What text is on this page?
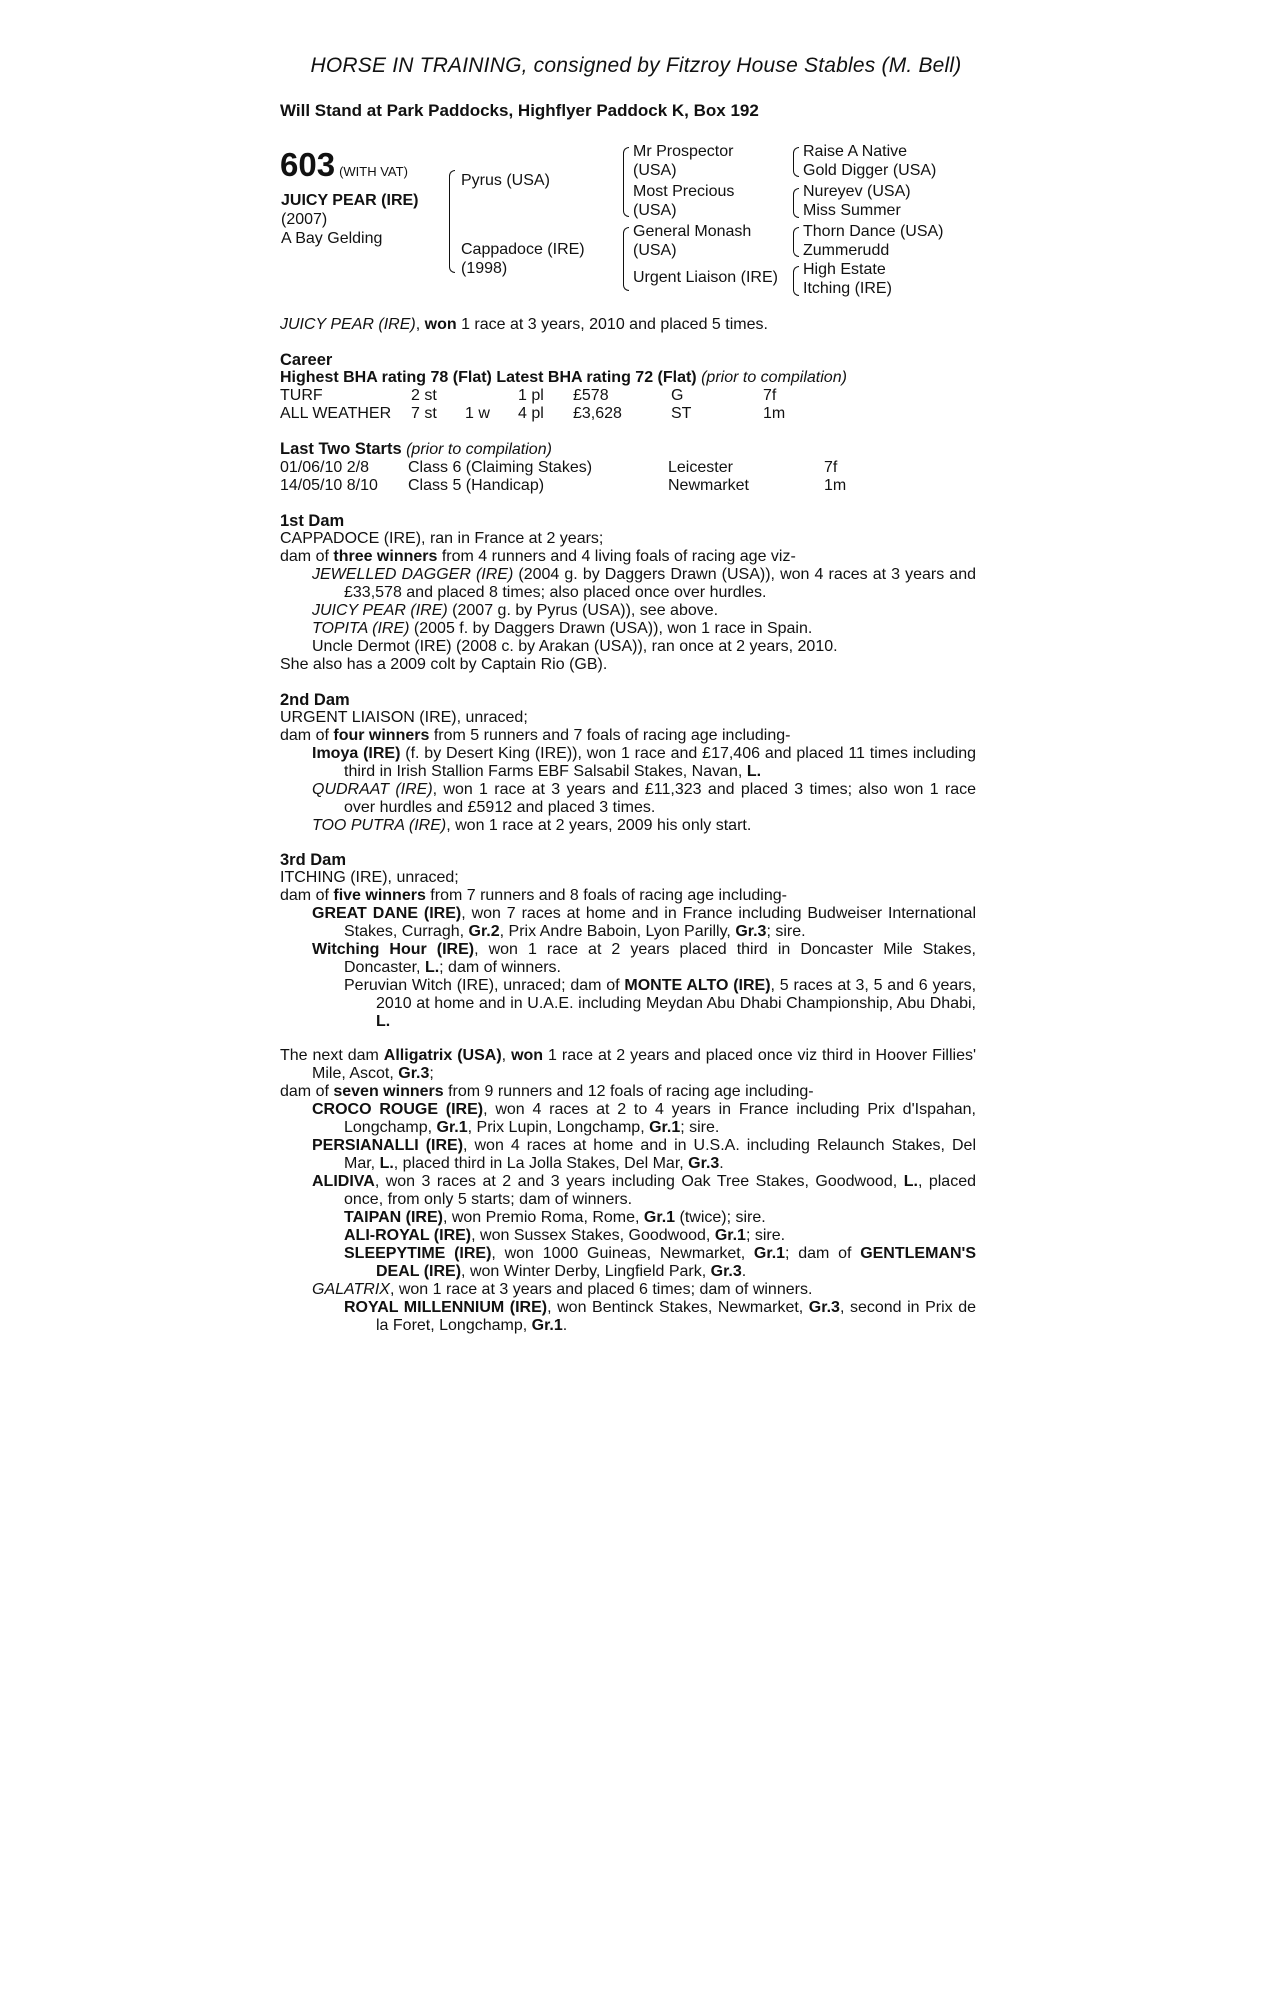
HORSE IN TRAINING, consigned by Fitzroy House Stables (M. Bell)
Will Stand at Park Paddocks, Highflyer Paddock K, Box 192
603 (WITH VAT)
JUICY PEAR (IRE)
(2007)
A Bay Gelding
Pyrus (USA)
Cappadoce (IRE)
(1998)
Mr Prospector
(USA)
Most Precious
(USA)
General Monash
(USA)
Urgent Liaison (IRE)
Raise A Native
Gold Digger (USA)
Nureyev (USA)
Miss Summer
Thorn Dance (USA)
Zummerudd
High Estate
Itching (IRE)
JUICY PEAR (IRE), won 1 race at 3 years, 2010 and placed 5 times.
Career
Highest BHA rating 78 (Flat) Latest BHA rating 72 (Flat) (prior to compilation)
TURF	2 st	1 pl £578	G	7f
ALL WEATHER 7 st 1 w 4 pl £3,628	ST	1m
Last Two Starts (prior to compilation)
01/06/10 2/8 Class 6 (Claiming Stakes)	Leicester	7f
14/05/10 8/10 Class 5 (Handicap)	Newmarket	1m
1st Dam
CAPPADOCE (IRE), ran in France at 2 years;
dam of three winners from 4 runners and 4 living foals of racing age viz-
JEWELLED DAGGER (IRE) (2004 g. by Daggers Drawn (USA)), won 4 races at 3 years and £33,578 and placed 8 times; also placed once over hurdles.
JUICY PEAR (IRE) (2007 g. by Pyrus (USA)), see above.
TOPITA (IRE) (2005 f. by Daggers Drawn (USA)), won 1 race in Spain.
Uncle Dermot (IRE) (2008 c. by Arakan (USA)), ran once at 2 years, 2010.
She also has a 2009 colt by Captain Rio (GB).
2nd Dam
URGENT LIAISON (IRE), unraced;
dam of four winners from 5 runners and 7 foals of racing age including-
Imoya (IRE) (f. by Desert King (IRE)), won 1 race and £17,406 and placed 11 times including third in Irish Stallion Farms EBF Salsabil Stakes, Navan, L.
QUDRAAT (IRE), won 1 race at 3 years and £11,323 and placed 3 times; also won 1 race over hurdles and £5912 and placed 3 times.
TOO PUTRA (IRE), won 1 race at 2 years, 2009 his only start.
3rd Dam
ITCHING (IRE), unraced;
dam of five winners from 7 runners and 8 foals of racing age including-
GREAT DANE (IRE), won 7 races at home and in France including Budweiser International Stakes, Curragh, Gr.2, Prix Andre Baboin, Lyon Parilly, Gr.3; sire.
Witching Hour (IRE), won 1 race at 2 years placed third in Doncaster Mile Stakes, Doncaster, L.; dam of winners.
Peruvian Witch (IRE), unraced; dam of MONTE ALTO (IRE), 5 races at 3, 5 and 6 years, 2010 at home and in U.A.E. including Meydan Abu Dhabi Championship, Abu Dhabi, L.
The next dam Alligatrix (USA), won 1 race at 2 years and placed once viz third in Hoover Fillies' Mile, Ascot, Gr.3;
dam of seven winners from 9 runners and 12 foals of racing age including-
CROCO ROUGE (IRE), won 4 races at 2 to 4 years in France including Prix d'Ispahan, Longchamp, Gr.1, Prix Lupin, Longchamp, Gr.1; sire.
PERSIANALLI (IRE), won 4 races at home and in U.S.A. including Relaunch Stakes, Del Mar, L., placed third in La Jolla Stakes, Del Mar, Gr.3.
ALIDIVA, won 3 races at 2 and 3 years including Oak Tree Stakes, Goodwood, L., placed once, from only 5 starts; dam of winners.
TAIPAN (IRE), won Premio Roma, Rome, Gr.1 (twice); sire.
ALI-ROYAL (IRE), won Sussex Stakes, Goodwood, Gr.1; sire.
SLEEPYTIME (IRE), won 1000 Guineas, Newmarket, Gr.1; dam of GENTLEMAN'S DEAL (IRE), won Winter Derby, Lingfield Park, Gr.3.
GALATRIX, won 1 race at 3 years and placed 6 times; dam of winners.
ROYAL MILLENNIUM (IRE), won Bentinck Stakes, Newmarket, Gr.3, second in Prix de la Foret, Longchamp, Gr.1.
